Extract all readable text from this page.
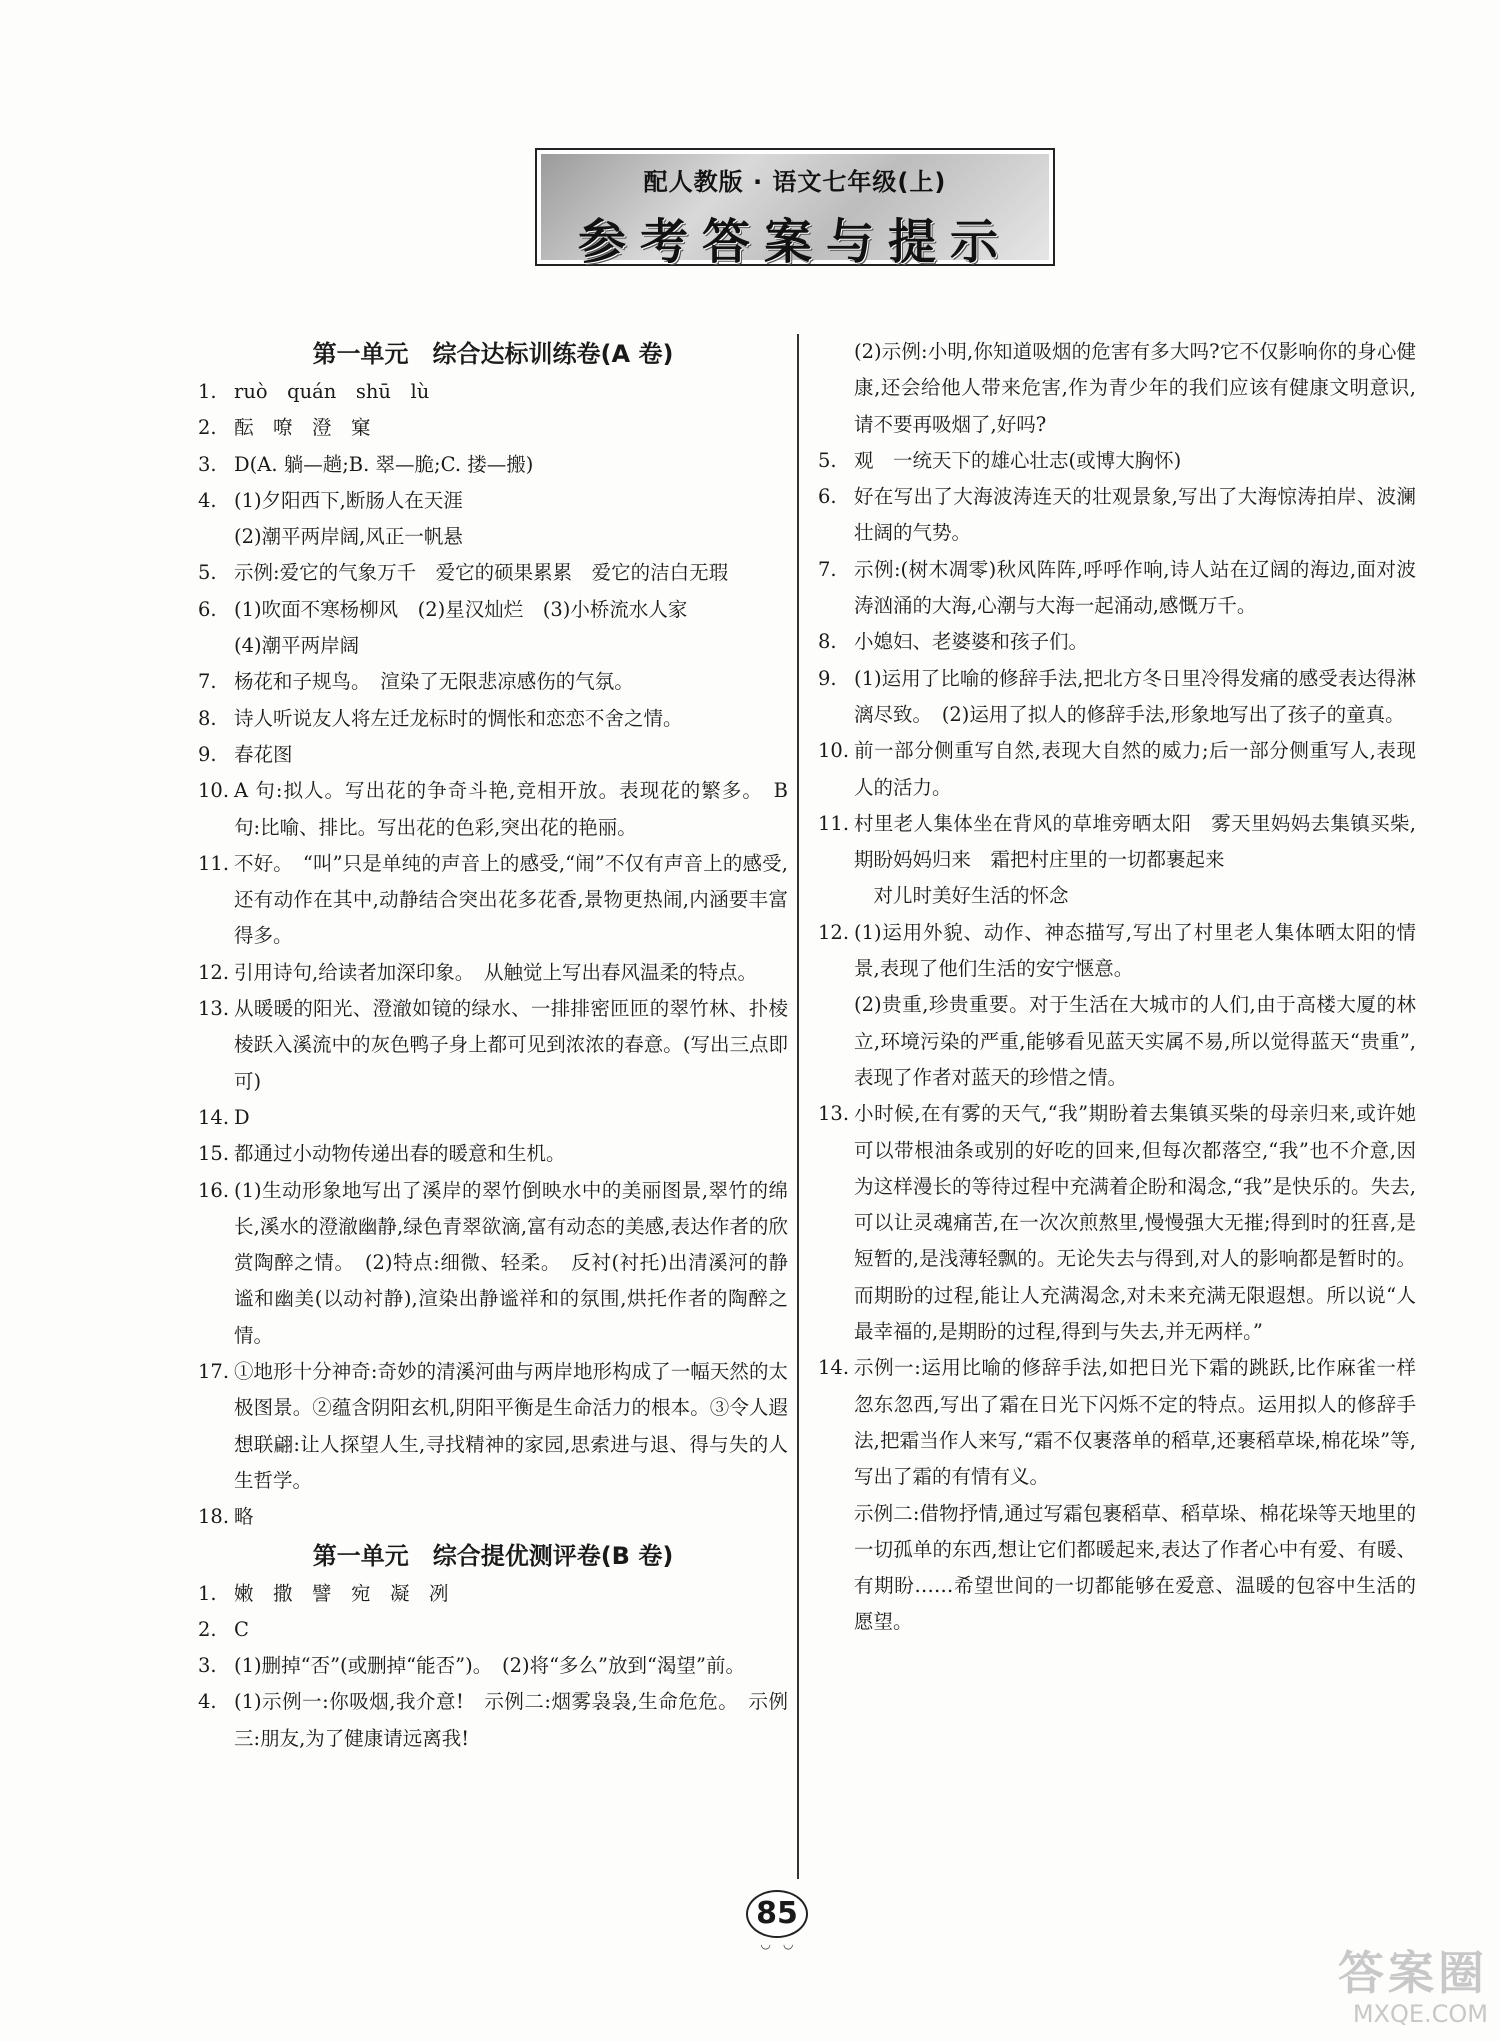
配人教版 · 语文七年级(上)
参考答案与提示
第一单元　综合达标训练卷(A 卷)
1. ruò　quán　shū　lù
2. 酝　嘹　澄　窠
3. D(A. 躺—趟;B. 翠—脆;C. 搂—搬)
4. (1)夕阳西下,断肠人在天涯
(2)潮平两岸阔,风正一帆悬
5. 示例:爱它的气象万千　爱它的硕果累累　爱它的洁白无瑕
6. (1)吹面不寒杨柳风　(2)星汉灿烂　(3)小桥流水人家
(4)潮平两岸阔
7. 杨花和子规鸟。　渲染了无限悲凉感伤的气氛。
8. 诗人听说友人将左迁龙标时的惆怅和恋恋不舍之情。
9. 春花图
10. A 句:拟人。写出花的争奇斗艳,竞相开放。表现花的繁多。　B 句:比喻、排比。写出花的色彩,突出花的艳丽。
11. 不好。　“叫”只是单纯的声音上的感受,“闹”不仅有声音上的感受,还有动作在其中,动静结合突出花多花香,景物更热闹,内涵要丰富得多。
12. 引用诗句,给读者加深印象。　从触觉上写出春风温柔的特点。
13. 从暖暖的阳光、澄澈如镜的绿水、一排排密匝匝的翠竹林、扑棱棱跃入溪流中的灰色鸭子身上都可见到浓浓的春意。(写出三点即可)
14. D
15. 都通过小动物传递出春的暖意和生机。
16. (1)生动形象地写出了溪岸的翠竹倒映水中的美丽图景,翠竹的绵长,溪水的澄澈幽静,绿色青翠欲滴,富有动态的美感,表达作者的欣赏陶醉之情。　(2)特点:细微、轻柔。　反衬(衬托)出清溪河的静谧和幽美(以动衬静),渲染出静谧祥和的氛围,烘托作者的陶醉之情。
17. ①地形十分神奇:奇妙的清溪河曲与两岸地形构成了一幅天然的太极图景。②蕴含阴阳玄机,阴阳平衡是生命活力的根本。③令人遐想联翩:让人探望人生,寻找精神的家园,思索进与退、得与失的人生哲学。
18. 略
第一单元　综合提优测评卷(B 卷)
1. 嫩　撒　譬　宛　凝　冽
2. C
3. (1)删掉“否”(或删掉“能否”)。　(2)将“多么”放到“渴望”前。
4. (1)示例一:你吸烟,我介意!　示例二:烟雾袅袅,生命危危。　示例三:朋友,为了健康请远离我!
(2)示例:小明,你知道吸烟的危害有多大吗?它不仅影响你的身心健康,还会给他人带来危害,作为青少年的我们应该有健康文明意识,请不要再吸烟了,好吗?
5. 观　一统天下的雄心壮志(或博大胸怀)
6. 好在写出了大海波涛连天的壮观景象,写出了大海惊涛拍岸、波澜壮阔的气势。
7. 示例:(树木凋零)秋风阵阵,呼呼作响,诗人站在辽阔的海边,面对波涛汹涌的大海,心潮与大海一起涌动,感慨万千。
8. 小媳妇、老婆婆和孩子们。
9. (1)运用了比喻的修辞手法,把北方冬日里冷得发痛的感受表达得淋漓尽致。　(2)运用了拟人的修辞手法,形象地写出了孩子的童真。
10. 前一部分侧重写自然,表现大自然的威力;后一部分侧重写人,表现人的活力。
11. 村里老人集体坐在背风的草堆旁晒太阳　雾天里妈妈去集镇买柴,期盼妈妈归来　霜把村庄里的一切都裹起来
　对儿时美好生活的怀念
12. (1)运用外貌、动作、神态描写,写出了村里老人集体晒太阳的情景,表现了他们生活的安宁惬意。
(2)贵重,珍贵重要。对于生活在大城市的人们,由于高楼大厦的林立,环境污染的严重,能够看见蓝天实属不易,所以觉得蓝天“贵重”,表现了作者对蓝天的珍惜之情。
13. 小时候,在有雾的天气,“我”期盼着去集镇买柴的母亲归来,或许她可以带根油条或别的好吃的回来,但每次都落空,“我”也不介意,因为这样漫长的等待过程中充满着企盼和渴念,“我”是快乐的。失去,可以让灵魂痛苦,在一次次煎熬里,慢慢强大无摧;得到时的狂喜,是短暂的,是浅薄轻飘的。无论失去与得到,对人的影响都是暂时的。而期盼的过程,能让人充满渴念,对未来充满无限遐想。所以说“人最幸福的,是期盼的过程,得到与失去,并无两样。”
14. 示例一:运用比喻的修辞手法,如把日光下霜的跳跃,比作麻雀一样忽东忽西,写出了霜在日光下闪烁不定的特点。运用拟人的修辞手法,把霜当作人来写,“霜不仅裹落单的稻草,还裹稻草垛,棉花垛”等,写出了霜的有情有义。
示例二:借物抒情,通过写霜包裹稻草、稻草垛、棉花垛等天地里的一切孤单的东西,想让它们都暖起来,表达了作者心中有爱、有暖、有期盼……希望世间的一切都能够在爱意、温暖的包容中生活的愿望。
85
◡　◡
答案圈
MXQE.COM
